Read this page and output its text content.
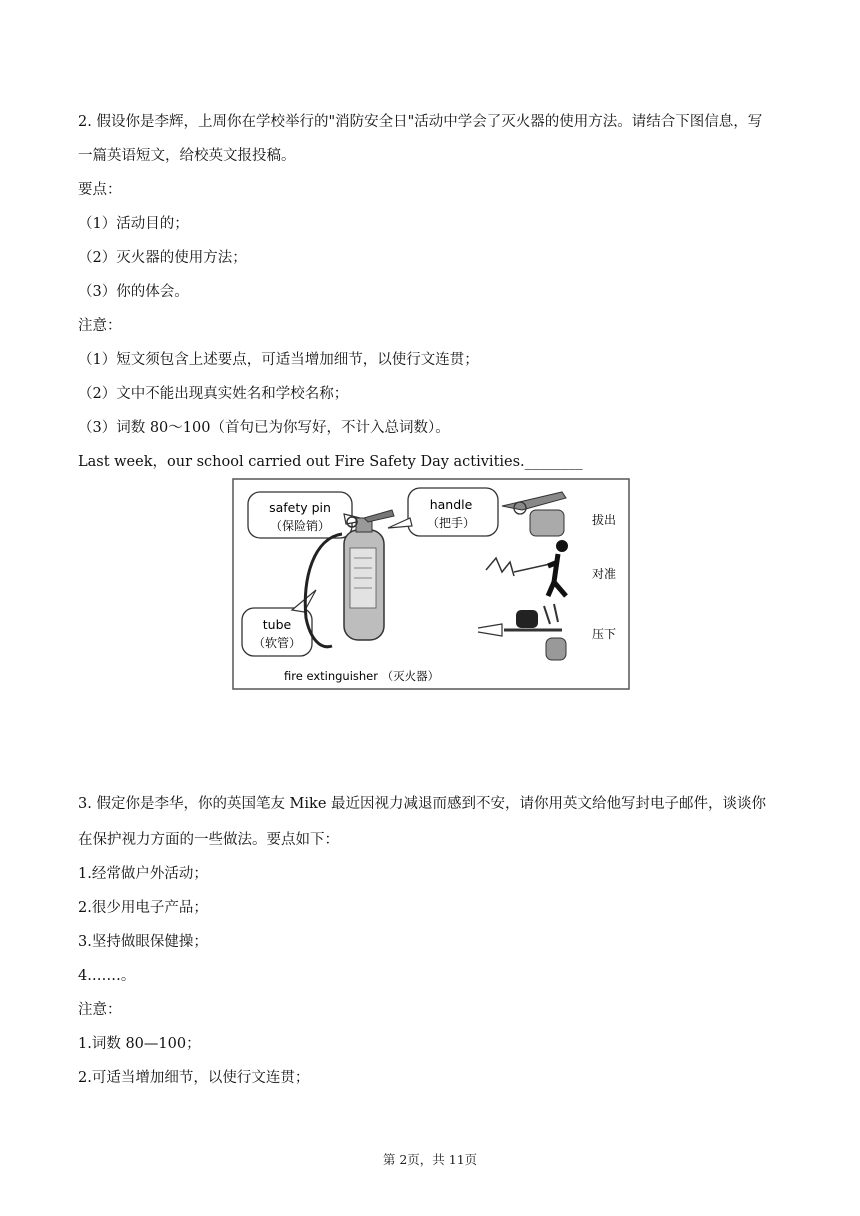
2. 假设你是李辉，上周你在学校举行的"消防安全日"活动中学会了灭火器的使用方法。请结合下图信息，写
一篇英语短文，给校英文报投稿。
要点：
（1）活动目的；
（2）灭火器的使用方法；
（3）你的体会。
注意：
（1）短文须包含上述要点，可适当增加细节，以使行文连贯；
（2）文中不能出现真实姓名和学校名称；
（3）词数 80～100（首句已为你写好，不计入总词数）。
Last week，our school carried out Fire Safety Day activities.________
safety pin
（保险销）
handle
（把手）
tube
（软管）
拔出
对准
压下
fire extinguisher （灭火器）
3. 假定你是李华，你的英国笔友 Mike 最近因视力减退而感到不安，请你用英文给他写封电子邮件，谈谈你
在保护视力方面的一些做法。要点如下：
1.经常做户外活动；
2.很少用电子产品；
3.坚持做眼保健操；
4.……。
注意：
1.词数 80—100；
2.可适当增加细节，以使行文连贯；
第 2页，共 11页
